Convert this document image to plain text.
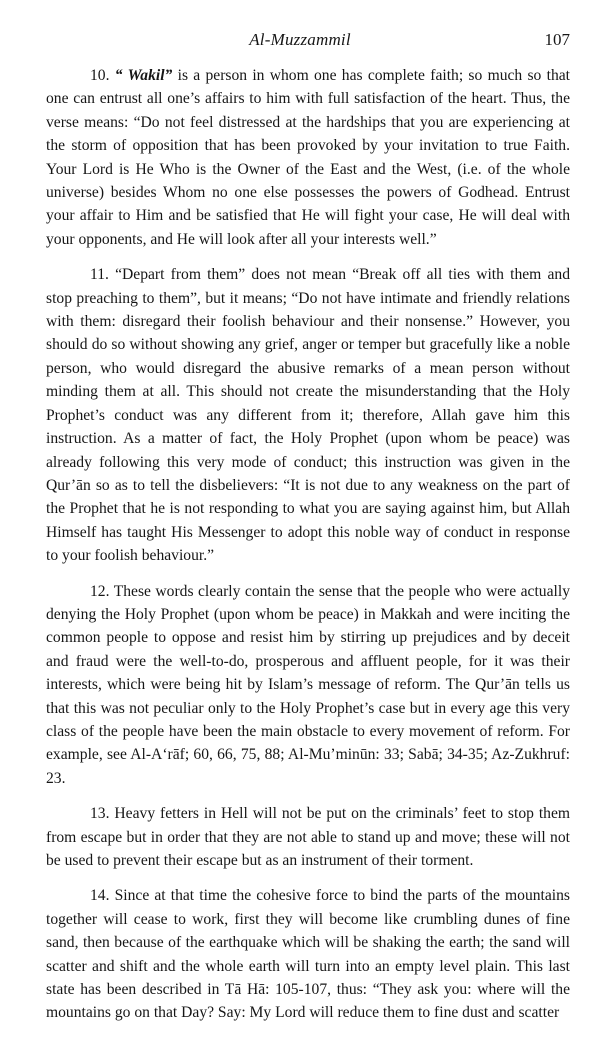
Al-Muzzammil	107

10. “ Wakil” is a person in whom one has complete faith; so much so that one can entrust all one’s affairs to him with full satisfaction of the heart. Thus, the verse means: “Do not feel distressed at the hardships that you are experiencing at the storm of opposition that has been provoked by your invitation to true Faith. Your Lord is He Who is the Owner of the East and the West, (i.e. of the whole universe) besides Whom no one else possesses the powers of Godhead. Entrust your affair to Him and be satisfied that He will fight your case, He will deal with your opponents, and He will look after all your interests well.”

11. “Depart from them” does not mean “Break off all ties with them and stop preaching to them”, but it means; “Do not have intimate and friendly relations with them: disregard their foolish behaviour and their nonsense.” However, you should do so without showing any grief, anger or temper but gracefully like a noble person, who would disregard the abusive remarks of a mean person without minding them at all. This should not create the misunderstanding that the Holy Prophet’s conduct was any different from it; therefore, Allah gave him this instruction. As a matter of fact, the Holy Prophet (upon whom be peace) was already following this very mode of conduct; this instruction was given in the Qur’ān so as to tell the disbelievers: “It is not due to any weakness on the part of the Prophet that he is not responding to what you are saying against him, but Allah Himself has taught His Messenger to adopt this noble way of conduct in response to your foolish behaviour.”

12. These words clearly contain the sense that the people who were actually denying the Holy Prophet (upon whom be peace) in Makkah and were inciting the common people to oppose and resist him by stirring up prejudices and by deceit and fraud were the well-to-do, prosperous and affluent people, for it was their interests, which were being hit by Islam’s message of reform. The Qur’ān tells us that this was not peculiar only to the Holy Prophet’s case but in every age this very class of the people have been the main obstacle to every movement of reform. For example, see Al-A‘rāf; 60, 66, 75, 88; Al-Mu’minūn: 33; Sabā; 34-35; Az-Zukhruf: 23.

13. Heavy fetters in Hell will not be put on the criminals’ feet to stop them from escape but in order that they are not able to stand up and move; these will not be used to prevent their escape but as an instrument of their torment.

14. Since at that time the cohesive force to bind the parts of the mountains together will cease to work, first they will become like crumbling dunes of fine sand, then because of the earthquake which will be shaking the earth; the sand will scatter and shift and the whole earth will turn into an empty level plain. This last state has been described in Tā Hā: 105-107, thus: “They ask you: where will the mountains go on that Day? Say: My Lord will reduce them to fine dust and scatter
